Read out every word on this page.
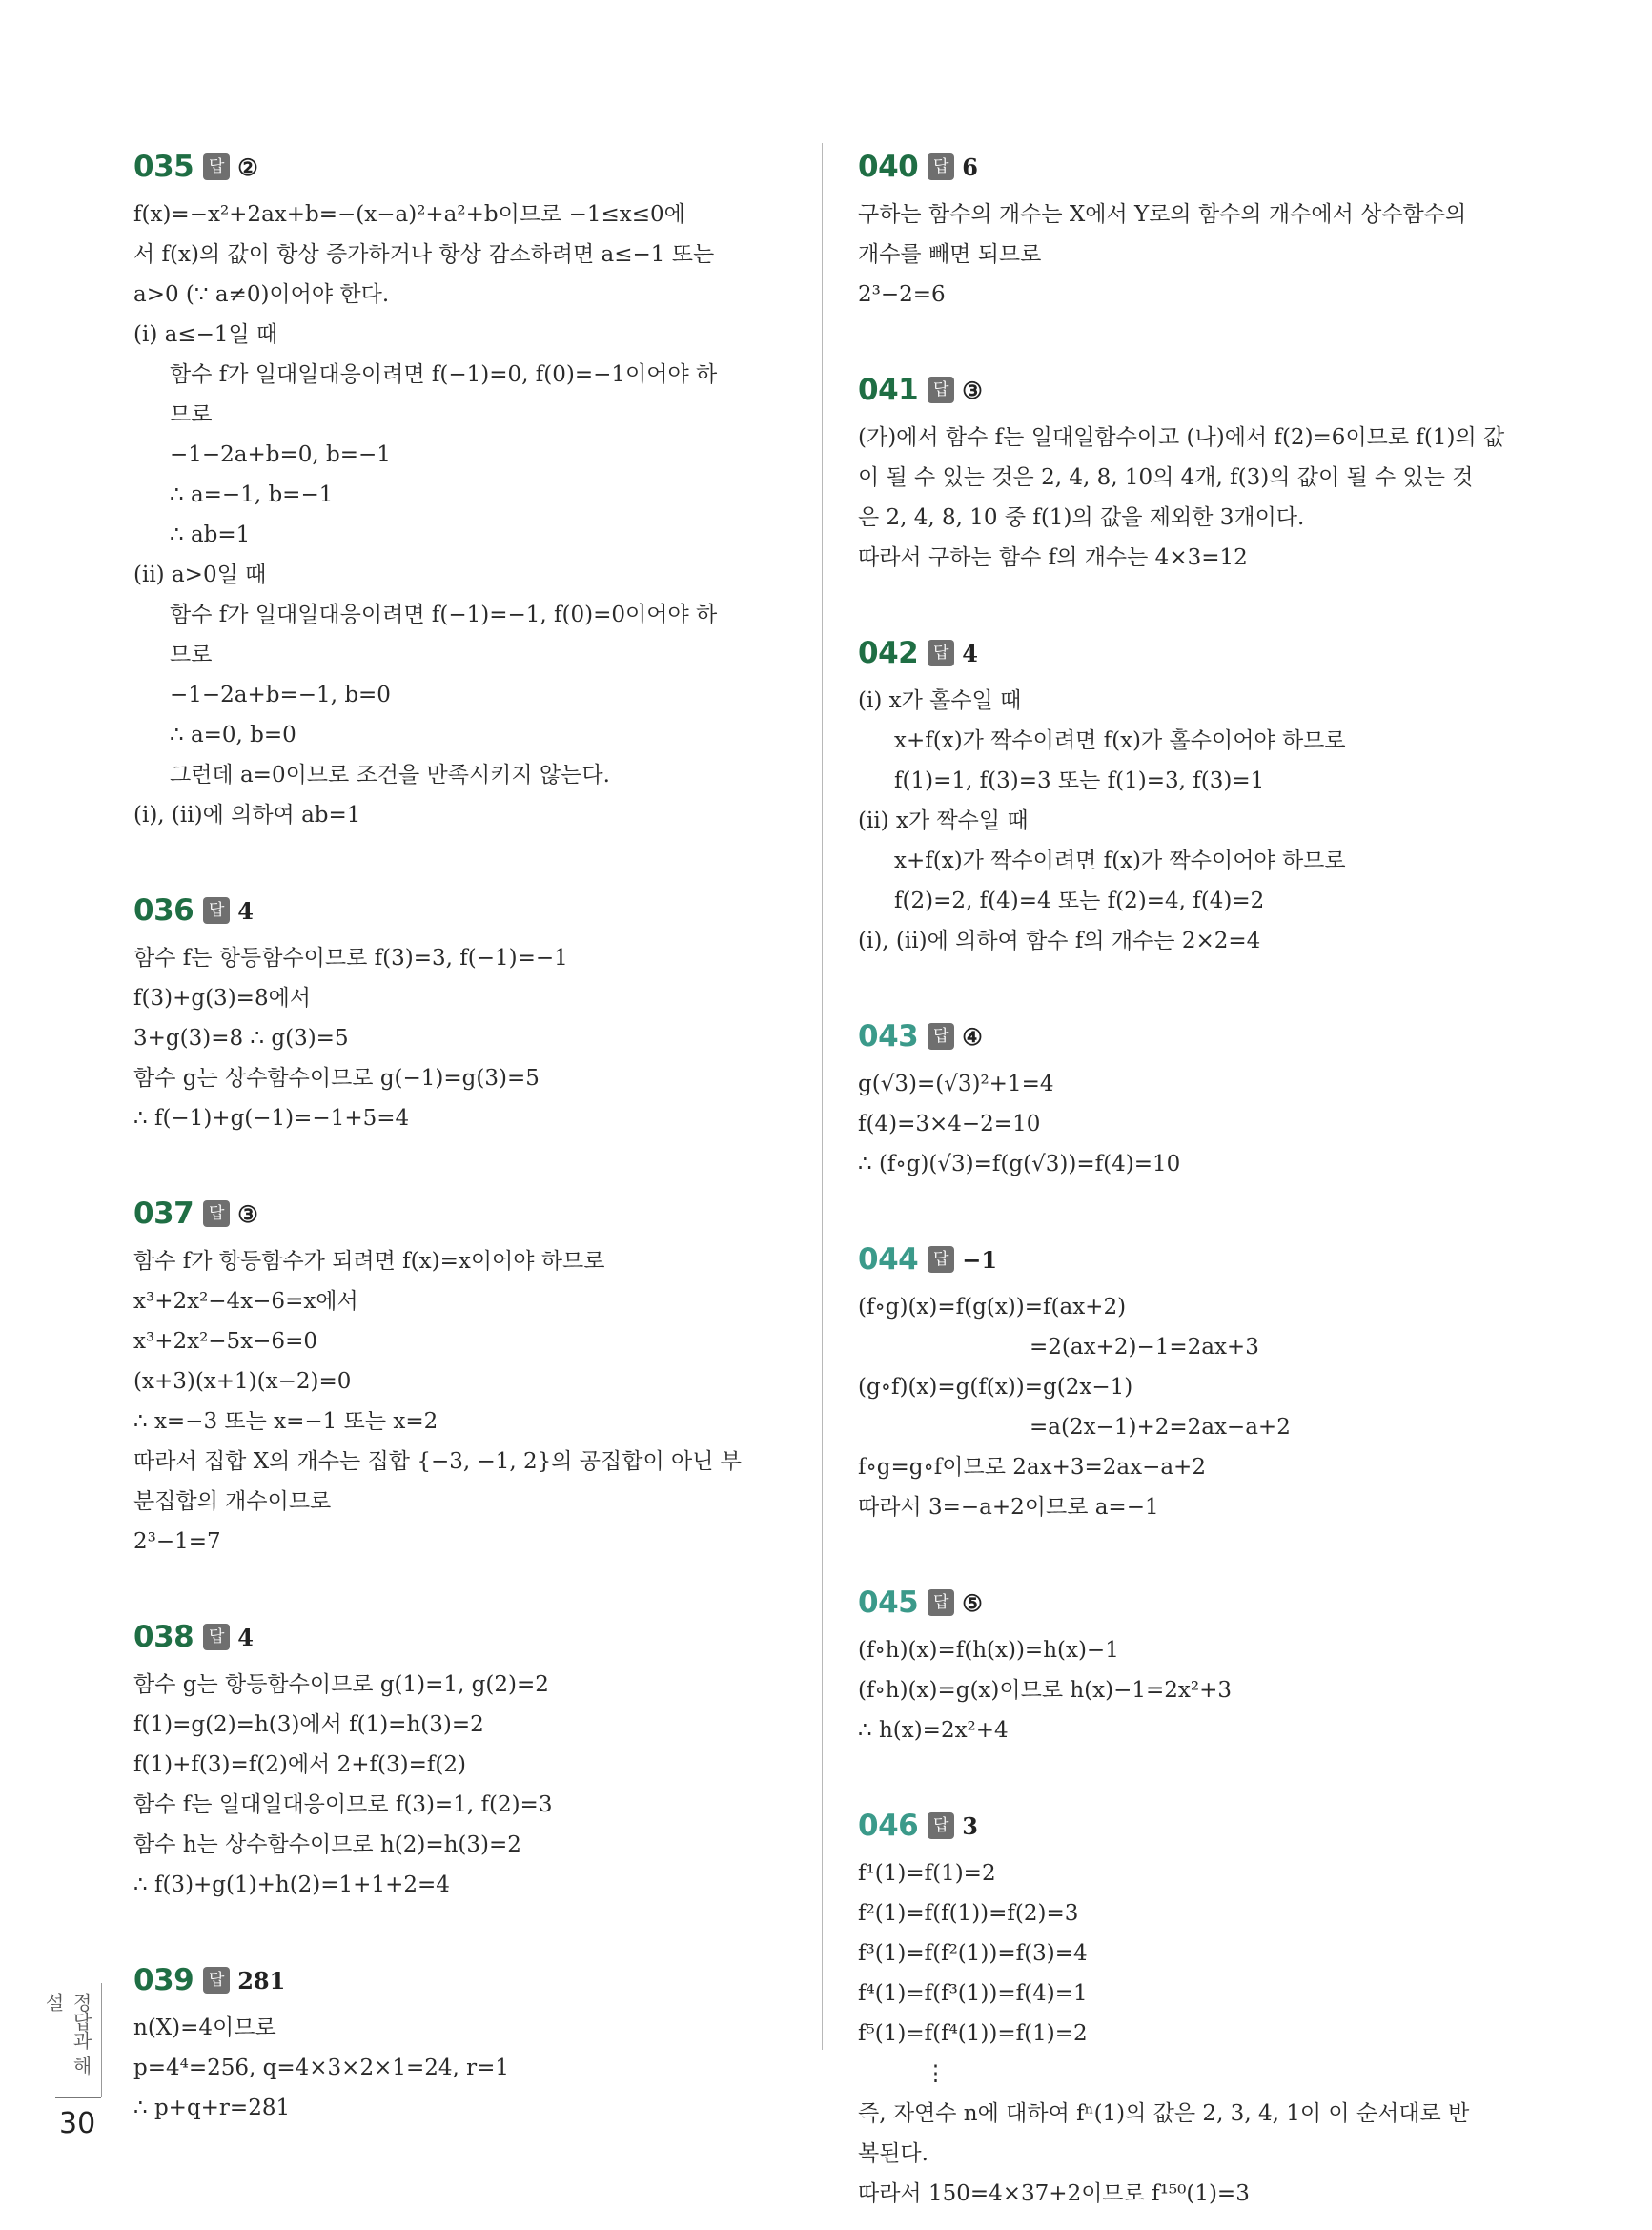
035 답 ②
f(x)=−x²+2ax+b=−(x−a)²+a²+b이므로 −1≤x≤0에
서 f(x)의 값이 항상 증가하거나 항상 감소하려면 a≤−1 또는
a>0 (∵ a≠0)이어야 한다.
(i) a≤−1일 때
함수 f가 일대일대응이려면 f(−1)=0, f(0)=−1이어야 하
므로
−1−2a+b=0, b=−1
∴ a=−1, b=−1
∴ ab=1
(ii) a>0일 때
함수 f가 일대일대응이려면 f(−1)=−1, f(0)=0이어야 하
므로
−1−2a+b=−1, b=0
∴ a=0, b=0
그런데 a=0이므로 조건을 만족시키지 않는다.
(i), (ii)에 의하여 ab=1
036 답 4
함수 f는 항등함수이므로 f(3)=3, f(−1)=−1
f(3)+g(3)=8에서
3+g(3)=8 ∴ g(3)=5
함수 g는 상수함수이므로 g(−1)=g(3)=5
∴ f(−1)+g(−1)=−1+5=4
037 답 ③
함수 f가 항등함수가 되려면 f(x)=x이어야 하므로
x³+2x²−4x−6=x에서
x³+2x²−5x−6=0
(x+3)(x+1)(x−2)=0
∴ x=−3 또는 x=−1 또는 x=2
따라서 집합 X의 개수는 집합 {−3, −1, 2}의 공집합이 아닌 부
분집합의 개수이므로
2³−1=7
038 답 4
함수 g는 항등함수이므로 g(1)=1, g(2)=2
f(1)=g(2)=h(3)에서 f(1)=h(3)=2
f(1)+f(3)=f(2)에서 2+f(3)=f(2)
함수 f는 일대일대응이므로 f(3)=1, f(2)=3
함수 h는 상수함수이므로 h(2)=h(3)=2
∴ f(3)+g(1)+h(2)=1+1+2=4
039 답 281
n(X)=4이므로
p=4⁴=256, q=4×3×2×1=24, r=1
∴ p+q+r=281
040 답 6
구하는 함수의 개수는 X에서 Y로의 함수의 개수에서 상수함수의
개수를 빼면 되므로
2³−2=6
041 답 ③
(가)에서 함수 f는 일대일함수이고 (나)에서 f(2)=6이므로 f(1)의 값
이 될 수 있는 것은 2, 4, 8, 10의 4개, f(3)의 값이 될 수 있는 것
은 2, 4, 8, 10 중 f(1)의 값을 제외한 3개이다.
따라서 구하는 함수 f의 개수는 4×3=12
042 답 4
(i) x가 홀수일 때
x+f(x)가 짝수이려면 f(x)가 홀수이어야 하므로
f(1)=1, f(3)=3 또는 f(1)=3, f(3)=1
(ii) x가 짝수일 때
x+f(x)가 짝수이려면 f(x)가 짝수이어야 하므로
f(2)=2, f(4)=4 또는 f(2)=4, f(4)=2
(i), (ii)에 의하여 함수 f의 개수는 2×2=4
043 답 ④
g(√3)=(√3)²+1=4
f(4)=3×4−2=10
∴ (f∘g)(√3)=f(g(√3))=f(4)=10
044 답 −1
(f∘g)(x)=f(g(x))=f(ax+2)
=2(ax+2)−1=2ax+3
(g∘f)(x)=g(f(x))=g(2x−1)
=a(2x−1)+2=2ax−a+2
f∘g=g∘f이므로 2ax+3=2ax−a+2
따라서 3=−a+2이므로 a=−1
045 답 ⑤
(f∘h)(x)=f(h(x))=h(x)−1
(f∘h)(x)=g(x)이므로 h(x)−1=2x²+3
∴ h(x)=2x²+4
046 답 3
f¹(1)=f(1)=2
f²(1)=f(f(1))=f(2)=3
f³(1)=f(f²(1))=f(3)=4
f⁴(1)=f(f³(1))=f(4)=1
f⁵(1)=f(f⁴(1))=f(1)=2
⋮
즉, 자연수 n에 대하여 fⁿ(1)의 값은 2, 3, 4, 1이 이 순서대로 반
복된다.
따라서 150=4×37+2이므로 f¹⁵⁰(1)=3
정답과 해설
30
